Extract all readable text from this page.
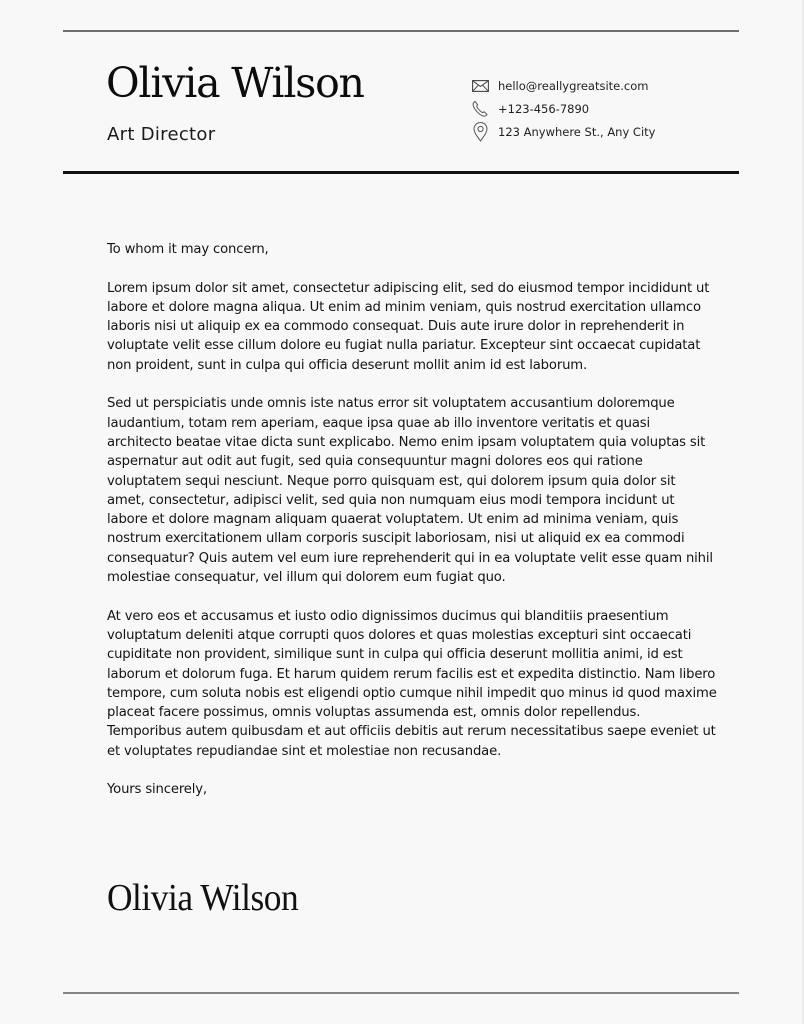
Olivia Wilson
Art Director
hello@reallygreatsite.com
+123-456-7890
123 Anywhere St., Any City

To whom it may concern,

Lorem ipsum dolor sit amet, consectetur adipiscing elit, sed do eiusmod tempor incididunt ut labore et dolore magna aliqua. Ut enim ad minim veniam, quis nostrud exercitation ullamco laboris nisi ut aliquip ex ea commodo consequat. Duis aute irure dolor in reprehenderit in voluptate velit esse cillum dolore eu fugiat nulla pariatur. Excepteur sint occaecat cupidatat non proident, sunt in culpa qui officia deserunt mollit anim id est laborum.

Sed ut perspiciatis unde omnis iste natus error sit voluptatem accusantium doloremque laudantium, totam rem aperiam, eaque ipsa quae ab illo inventore veritatis et quasi architecto beatae vitae dicta sunt explicabo. Nemo enim ipsam voluptatem quia voluptas sit aspernatur aut odit aut fugit, sed quia consequuntur magni dolores eos qui ratione voluptatem sequi nesciunt. Neque porro quisquam est, qui dolorem ipsum quia dolor sit amet, consectetur, adipisci velit, sed quia non numquam eius modi tempora incidunt ut labore et dolore magnam aliquam quaerat voluptatem. Ut enim ad minima veniam, quis nostrum exercitationem ullam corporis suscipit laboriosam, nisi ut aliquid ex ea commodi consequatur? Quis autem vel eum iure reprehenderit qui in ea voluptate velit esse quam nihil molestiae consequatur, vel illum qui dolorem eum fugiat quo.

At vero eos et accusamus et iusto odio dignissimos ducimus qui blanditiis praesentium voluptatum deleniti atque corrupti quos dolores et quas molestias excepturi sint occaecati cupiditate non provident, similique sunt in culpa qui officia deserunt mollitia animi, id est laborum et dolorum fuga. Et harum quidem rerum facilis est et expedita distinctio. Nam libero tempore, cum soluta nobis est eligendi optio cumque nihil impedit quo minus id quod maxime placeat facere possimus, omnis voluptas assumenda est, omnis dolor repellendus. Temporibus autem quibusdam et aut officiis debitis aut rerum necessitatibus saepe eveniet ut et voluptates repudiandae sint et molestiae non recusandae.

Yours sincerely,

Olivia Wilson
